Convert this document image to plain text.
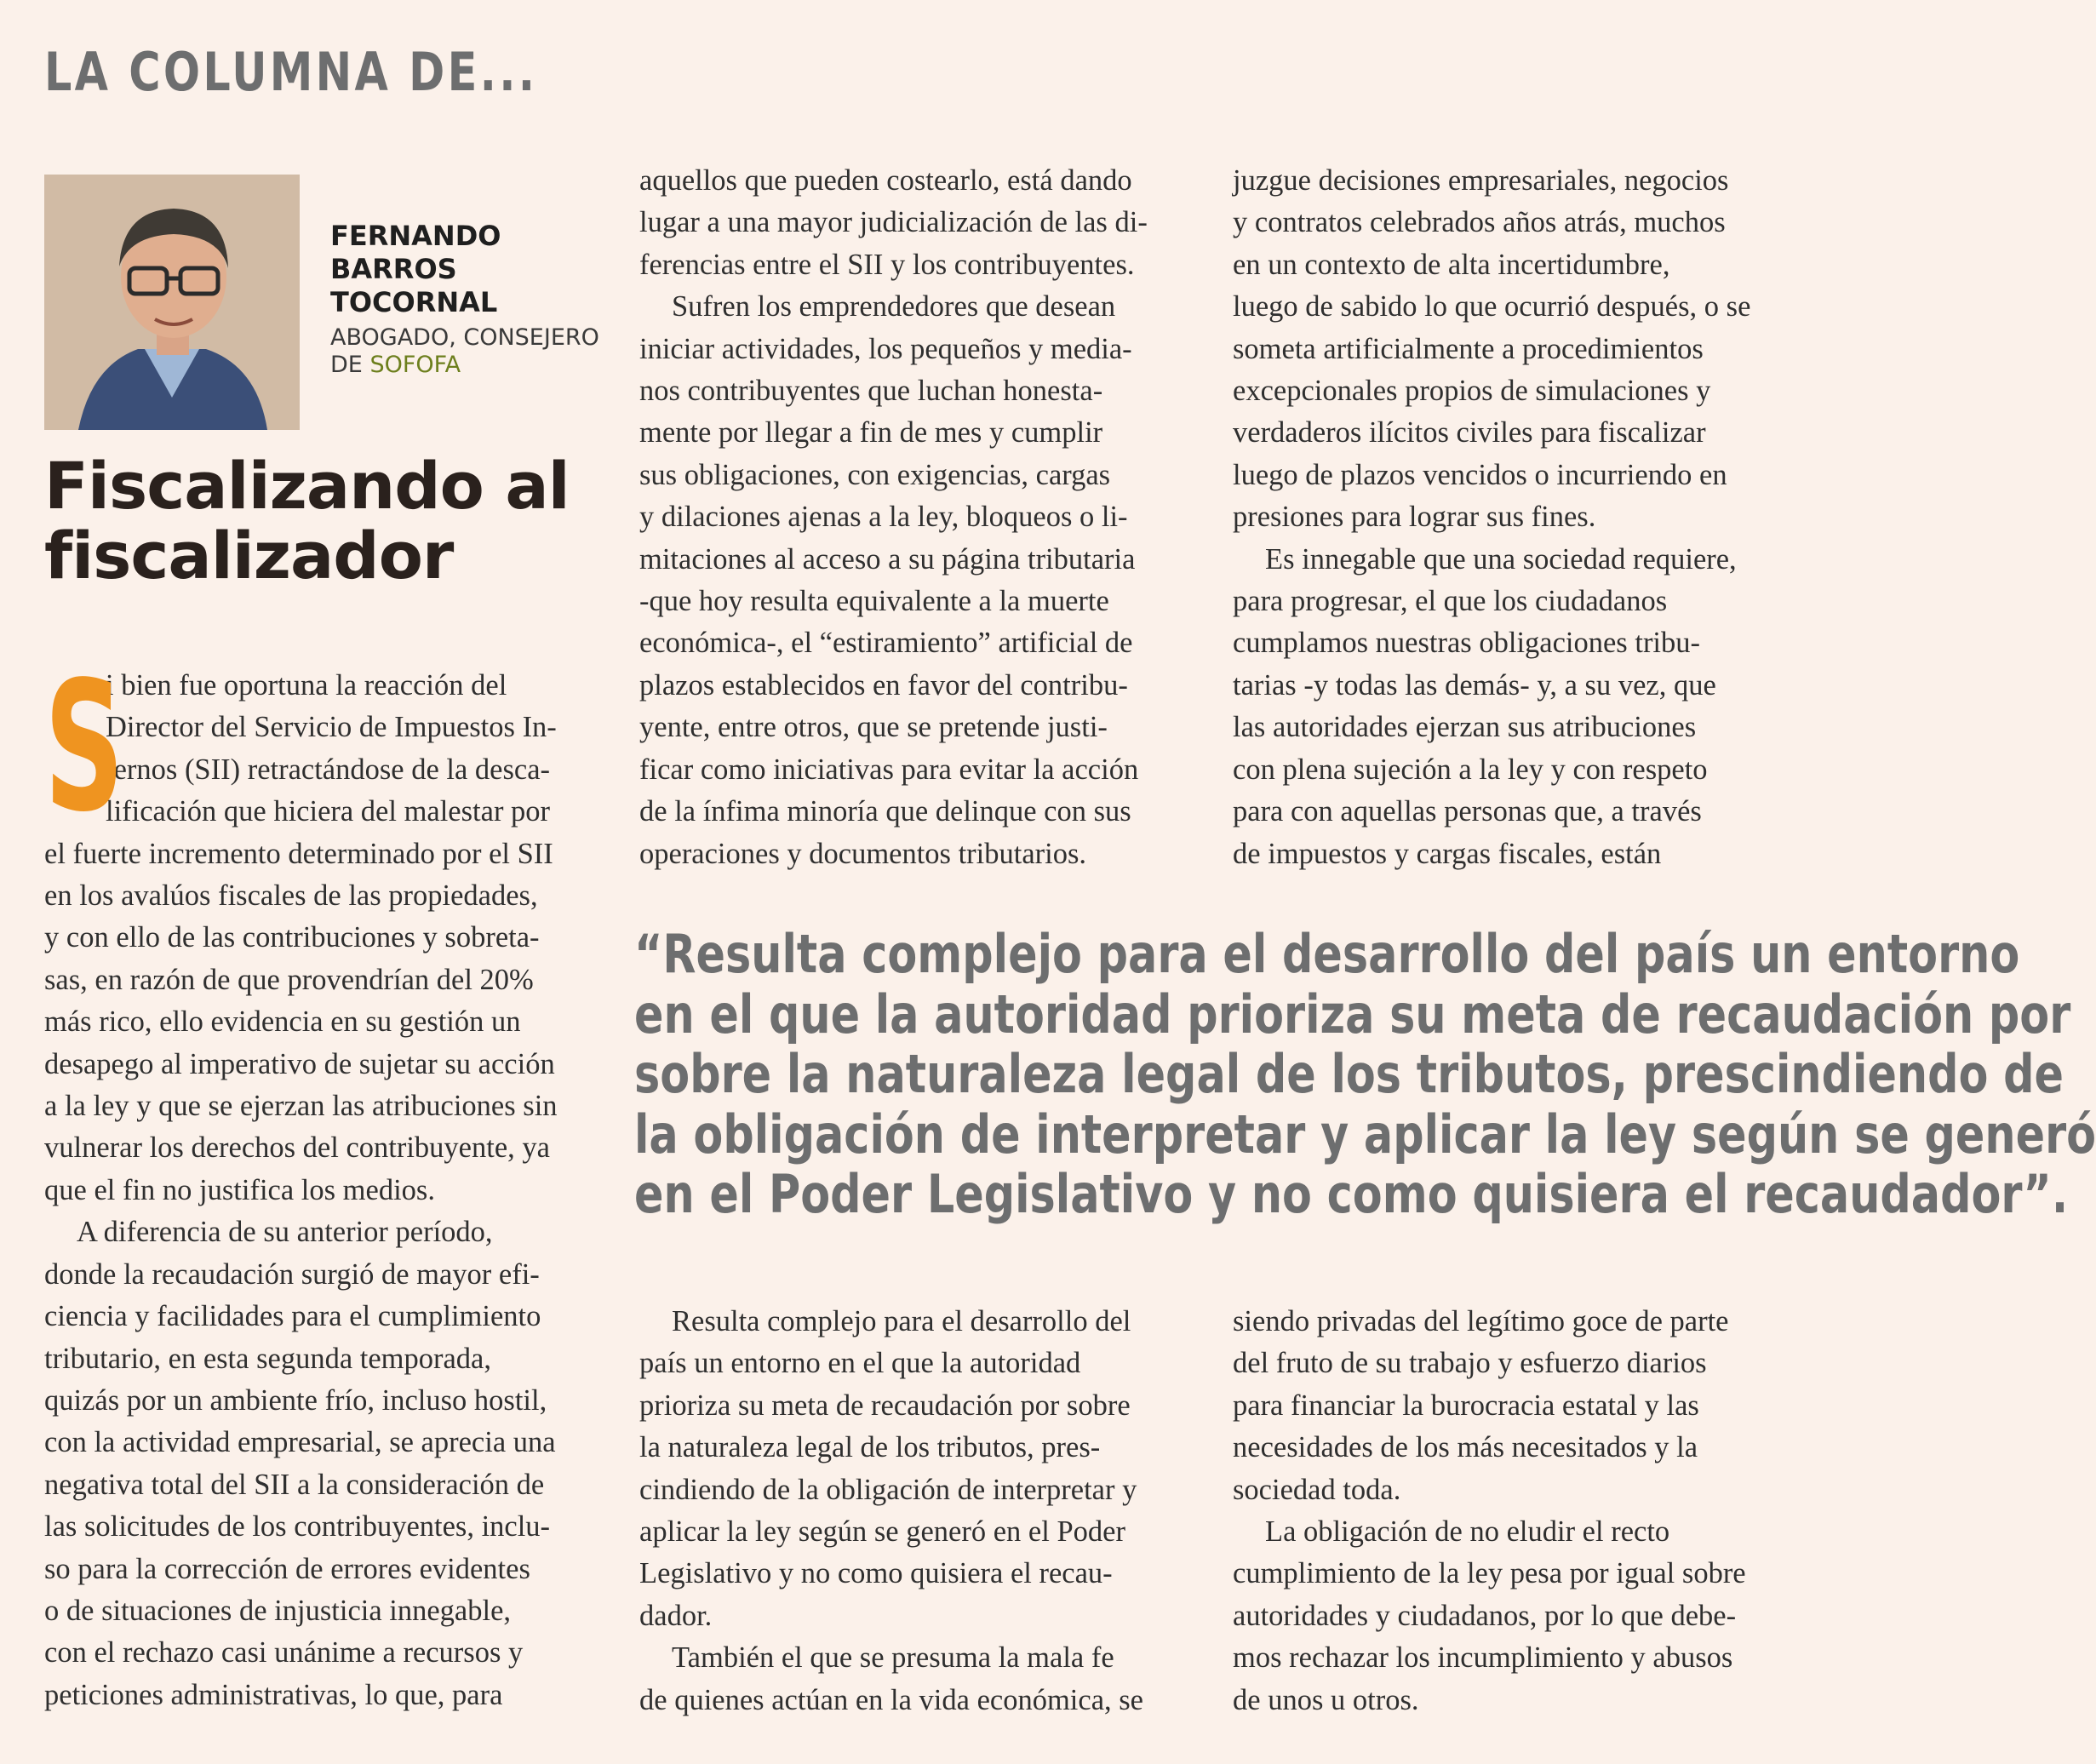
LA COLUMNA DE...
FERNANDO
BARROS
TOCORNAL
ABOGADO, CONSEJERO
DE SOFOFA
Fiscalizando al
fiscalizador
S
i bien fue oportuna la reacción del
Director del Servicio de Impuestos In-
ternos (SII) retractándose de la desca-
lificación que hiciera del malestar por

el fuerte incremento determinado por el SII

en los avalúos fiscales de las propiedades,

y con ello de las contribuciones y sobreta-

sas, en razón de que provendrían del 20%

más rico, ello evidencia en su gestión un

desapego al imperativo de sujetar su acción

a la ley y que se ejerzan las atribuciones sin

vulnerar los derechos del contribuyente, ya

que el fin no justifica los medios.

A diferencia de su anterior período,

donde la recaudación surgió de mayor efi-

ciencia y facilidades para el cumplimiento

tributario, en esta segunda temporada,

quizás por un ambiente frío, incluso hostil,

con la actividad empresarial, se aprecia una

negativa total del SII a la consideración de

las solicitudes de los contribuyentes, inclu-

so para la corrección de errores evidentes

o de situaciones de injusticia innegable,

con el rechazo casi unánime a recursos y

peticiones administrativas, lo que, para

aquellos que pueden costearlo, está dando

lugar a una mayor judicialización de las di-

ferencias entre el SII y los contribuyentes.

Sufren los emprendedores que desean

iniciar actividades, los pequeños y media-

nos contribuyentes que luchan honesta-

mente por llegar a fin de mes y cumplir

sus obligaciones, con exigencias, cargas

y dilaciones ajenas a la ley, bloqueos o li-

mitaciones al acceso a su página tributaria

-que hoy resulta equivalente a la muerte

económica-, el “estiramiento” artificial de

plazos establecidos en favor del contribu-

yente, entre otros, que se pretende justi-

ficar como iniciativas para evitar la acción

de la ínfima minoría que delinque con sus

operaciones y documentos tributarios.

juzgue decisiones empresariales, negocios

y contratos celebrados años atrás, muchos

en un contexto de alta incertidumbre,

luego de sabido lo que ocurrió después, o se

someta artificialmente a procedimientos

excepcionales propios de simulaciones y

verdaderos ilícitos civiles para fiscalizar

luego de plazos vencidos o incurriendo en

presiones para lograr sus fines.

Es innegable que una sociedad requiere,

para progresar, el que los ciudadanos

cumplamos nuestras obligaciones tribu-

tarias -y todas las demás- y, a su vez, que

las autoridades ejerzan sus atribuciones

con plena sujeción a la ley y con respeto

para con aquellas personas que, a través

de impuestos y cargas fiscales, están

“Resulta complejo para el desarrollo del país un entorno
en el que la autoridad prioriza su meta de recaudación por
sobre la naturaleza legal de los tributos, prescindiendo de
la obligación de interpretar y aplicar la ley según se generó
en el Poder Legislativo y no como quisiera el recaudador”.

Resulta complejo para el desarrollo del

país un entorno en el que la autoridad

prioriza su meta de recaudación por sobre

la naturaleza legal de los tributos, pres-

cindiendo de la obligación de interpretar y

aplicar la ley según se generó en el Poder

Legislativo y no como quisiera el recau-

dador.

También el que se presuma la mala fe

de quienes actúan en la vida económica, se

siendo privadas del legítimo goce de parte

del fruto de su trabajo y esfuerzo diarios

para financiar la burocracia estatal y las

necesidades de los más necesitados y la

sociedad toda.

La obligación de no eludir el recto

cumplimiento de la ley pesa por igual sobre

autoridades y ciudadanos, por lo que debe-

mos rechazar los incumplimiento y abusos

de unos u otros.
